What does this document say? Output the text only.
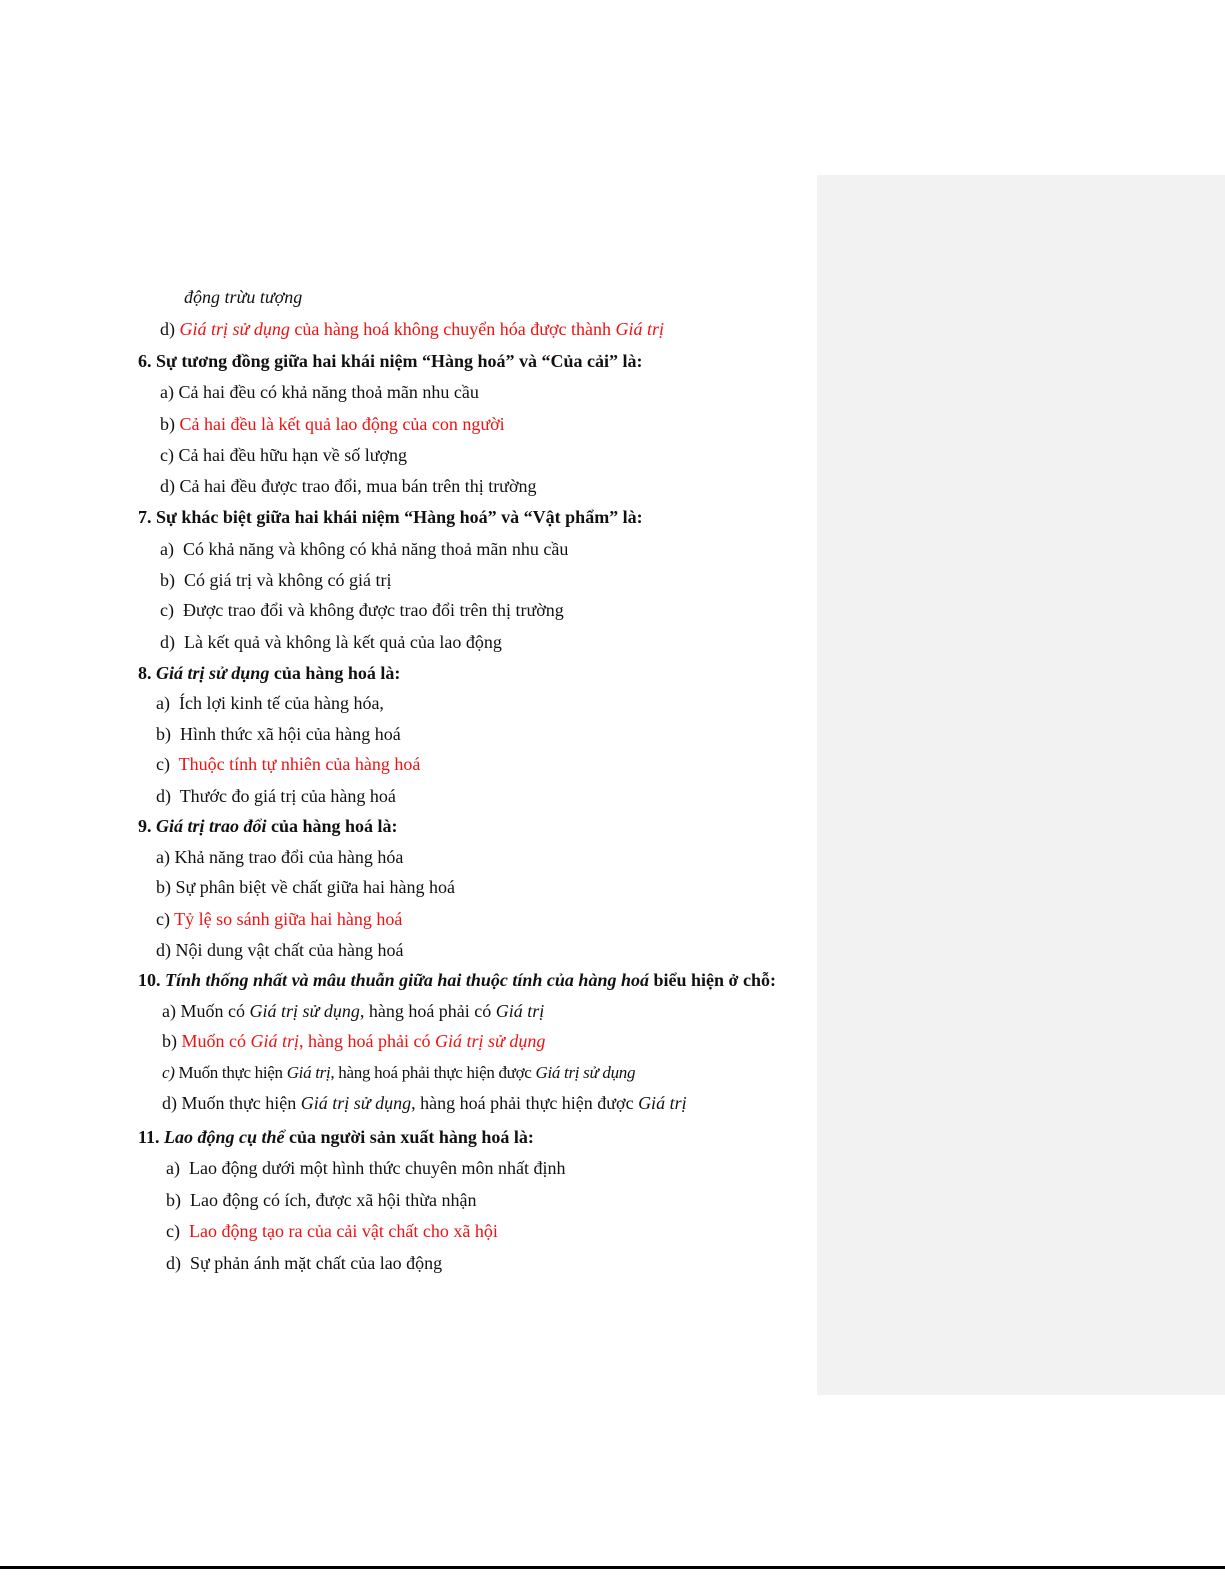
động trừu tượng
d) Giá trị sử dụng của hàng hoá không chuyển hóa được thành Giá trị
6. Sự tương đồng giữa hai khái niệm “Hàng hoá” và “Của cải” là:
a) Cả hai đều có khả năng thoả mãn nhu cầu
b) Cả hai đều là kết quả lao động của con người
c) Cả hai đều hữu hạn về số lượng
d) Cả hai đều được trao đổi, mua bán trên thị trường
7. Sự khác biệt giữa hai khái niệm “Hàng hoá” và “Vật phẩm” là:
a) Có khả năng và không có khả năng thoả mãn nhu cầu
b) Có giá trị và không có giá trị
c) Được trao đổi và không được trao đổi trên thị trường
d) Là kết quả và không là kết quả của lao động
8. Giá trị sử dụng của hàng hoá là:
a) Ích lợi kinh tế của hàng hóa,
b) Hình thức xã hội của hàng hoá
c) Thuộc tính tự nhiên của hàng hoá
d) Thước đo giá trị của hàng hoá
9. Giá trị trao đổi của hàng hoá là:
a) Khả năng trao đổi của hàng hóa
b) Sự phân biệt về chất giữa hai hàng hoá
c) Tỷ lệ so sánh giữa hai hàng hoá
d) Nội dung vật chất của hàng hoá
10. Tính thống nhất và mâu thuẫn giữa hai thuộc tính của hàng hoá biểu hiện ở chỗ:
a) Muốn có Giá trị sử dụng, hàng hoá phải có Giá trị
b) Muốn có Giá trị, hàng hoá phải có Giá trị sử dụng
c) Muốn thực hiện Giá trị, hàng hoá phải thực hiện được Giá trị sử dụng
d) Muốn thực hiện Giá trị sử dụng, hàng hoá phải thực hiện được Giá trị
11. Lao động cụ thể của người sản xuất hàng hoá là:
a) Lao động dưới một hình thức chuyên môn nhất định
b) Lao động có ích, được xã hội thừa nhận
c) Lao động tạo ra của cải vật chất cho xã hội
d) Sự phản ánh mặt chất của lao động
